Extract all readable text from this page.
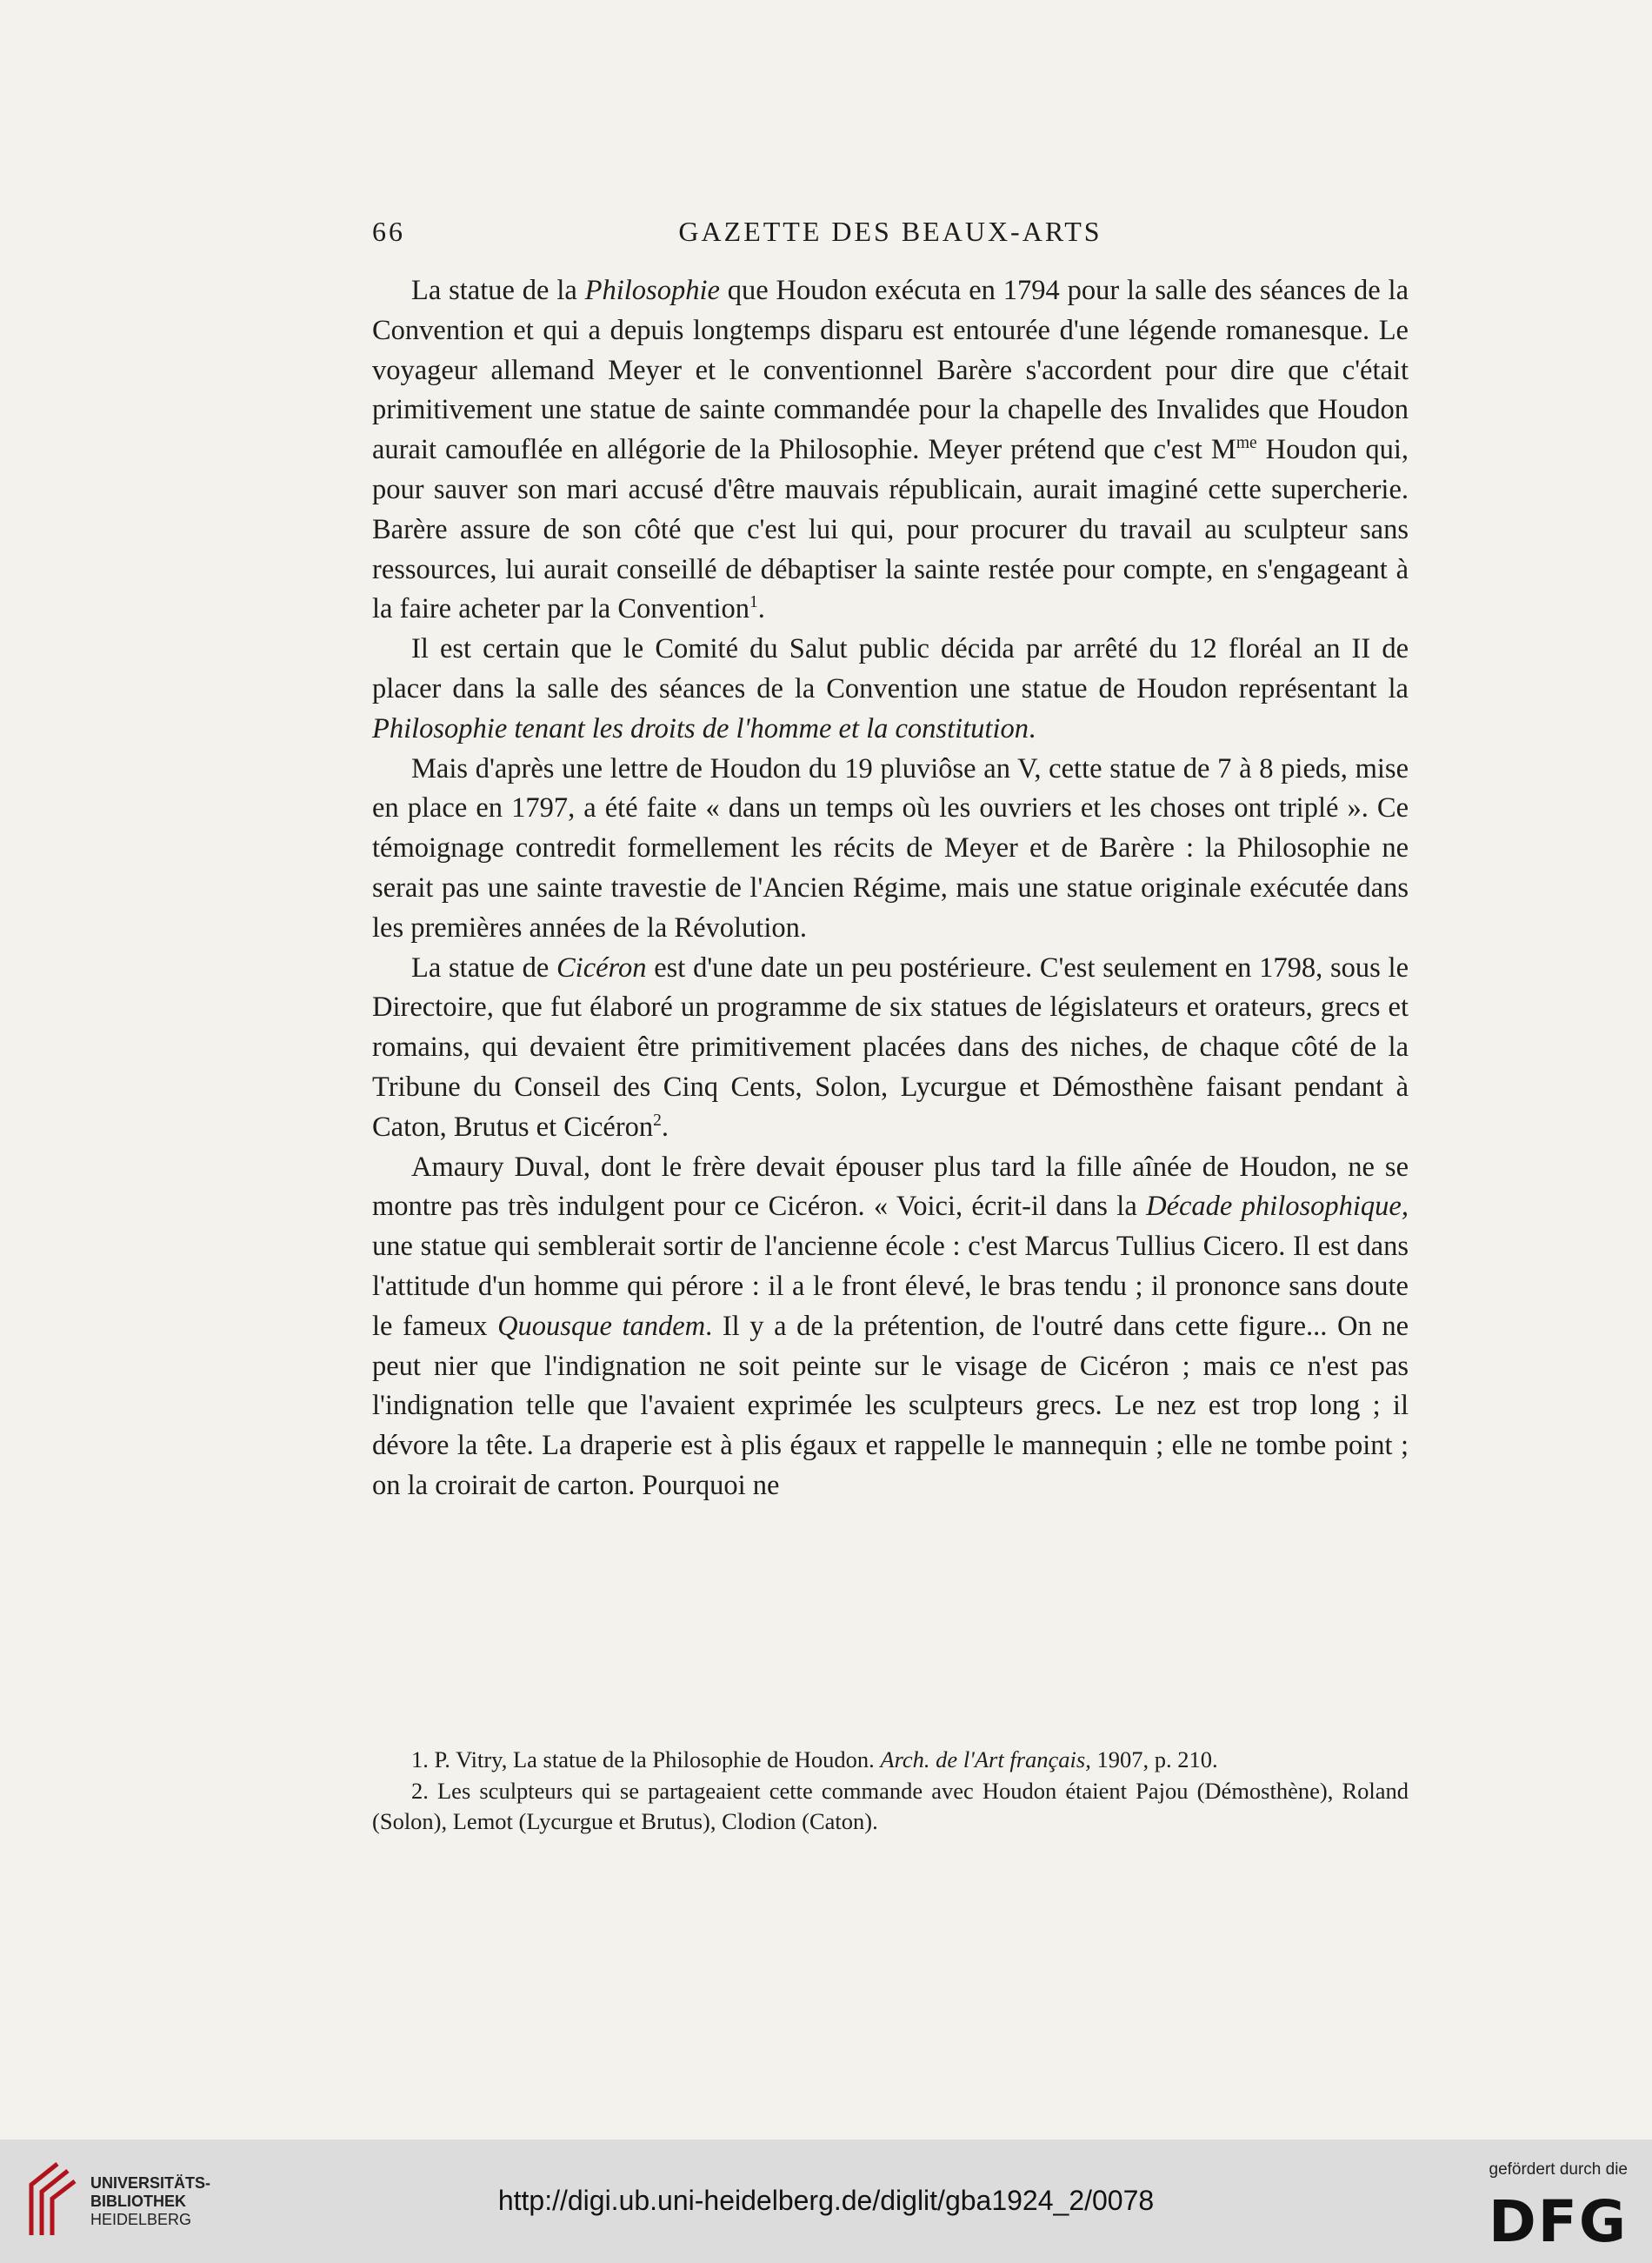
66	GAZETTE DES BEAUX-ARTS

La statue de la Philosophie que Houdon exécuta en 1794 pour la salle des séances de la Convention et qui a depuis longtemps disparu est entourée d'une légende romanesque. Le voyageur allemand Meyer et le conventionnel Barère s'accordent pour dire que c'était primitivement une statue de sainte commandée pour la chapelle des Invalides que Houdon aurait camouflée en allégorie de la Philosophie. Meyer prétend que c'est $M^{me}$ Houdon qui, pour sauver son mari accusé d'être mauvais républicain, aurait imaginé cette supercherie. Barère assure de son côté que c'est lui qui, pour procurer du travail au sculpteur sans ressources, lui aurait conseillé de débaptiser la sainte restée pour compte, en s'engageant à la faire acheter par la Convention$^1$.

Il est certain que le Comité du Salut public décida par arrêté du 12 floréal an II de placer dans la salle des séances de la Convention une statue de Houdon représentant la Philosophie tenant les droits de l'homme et la constitution.

Mais d'après une lettre de Houdon du 19 pluviôse an V, cette statue de 7 à 8 pieds, mise en place en 1797, a été faite « dans un temps où les ouvriers et les choses ont triplé ». Ce témoignage contredit formellement les récits de Meyer et de Barère : la Philosophie ne serait pas une sainte travestie de l'Ancien Régime, mais une statue originale exécutée dans les premières années de la Révolution.

La statue de Cicéron est d'une date un peu postérieure. C'est seulement en 1798, sous le Directoire, que fut élaboré un programme de six statues de législateurs et orateurs, grecs et romains, qui devaient être primitivement placées dans des niches, de chaque côté de la Tribune du Conseil des Cinq Cents, Solon, Lycurgue et Démosthène faisant pendant à Caton, Brutus et Cicéron$^2$.

Amaury Duval, dont le frère devait épouser plus tard la fille aînée de Houdon, ne se montre pas très indulgent pour ce Cicéron. « Voici, écrit-il dans la Décade philosophique, une statue qui semblerait sortir de l'ancienne école : c'est Marcus Tullius Cicero. Il est dans l'attitude d'un homme qui pérore : il a le front élevé, le bras tendu ; il prononce sans doute le fameux Quousque tandem. Il y a de la prétention, de l'outré dans cette figure... On ne peut nier que l'indignation ne soit peinte sur le visage de Cicéron ; mais ce n'est pas l'indignation telle que l'avaient exprimée les sculpteurs grecs. Le nez est trop long ; il dévore la tête. La draperie est à plis égaux et rappelle le mannequin ; elle ne tombe point ; on la croirait de carton. Pourquoi ne

1. P. Vitry, La statue de la Philosophie de Houdon. Arch. de l'Art français, 1907, p. 210.

2. Les sculpteurs qui se partageaient cette commande avec Houdon étaient Pajou (Démosthène), Roland (Solon), Lemot (Lycurgue et Brutus), Clodion (Caton).

UNIVERSITÄTS-
BIBLIOTHEK
HEIDELBERG
http://digi.ub.uni-heidelberg.de/diglit/gba1924_2/0078
gefördert durch die
DFG
